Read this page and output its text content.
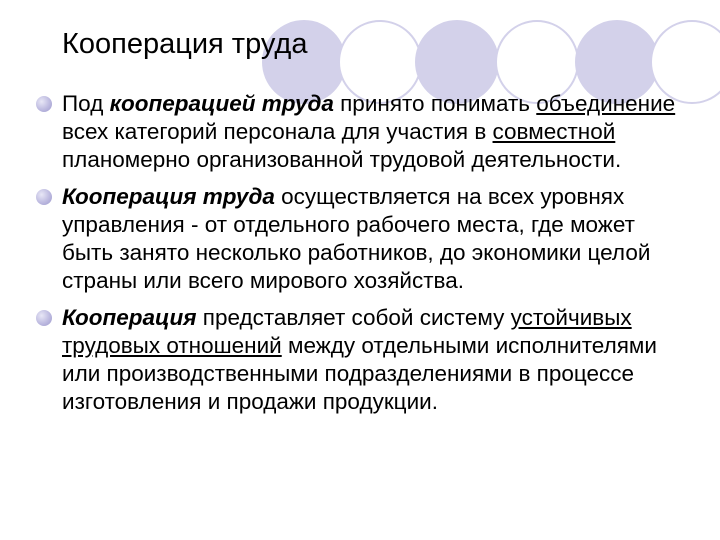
Кооперация труда
Под кооперацией труда принято понимать объединение всех категорий персонала для участия в совместной планомерно организованной трудовой деятельности.
Кооперация труда осуществляется на всех уровнях управления - от отдельного рабочего места, где может быть занято несколько работников, до экономики целой страны или всего мирового хозяйства.
Кооперация представляет собой систему устойчивых трудовых отношений между отдельными исполнителями или производственными подразделениями в процессе изготовления и продажи продукции.
